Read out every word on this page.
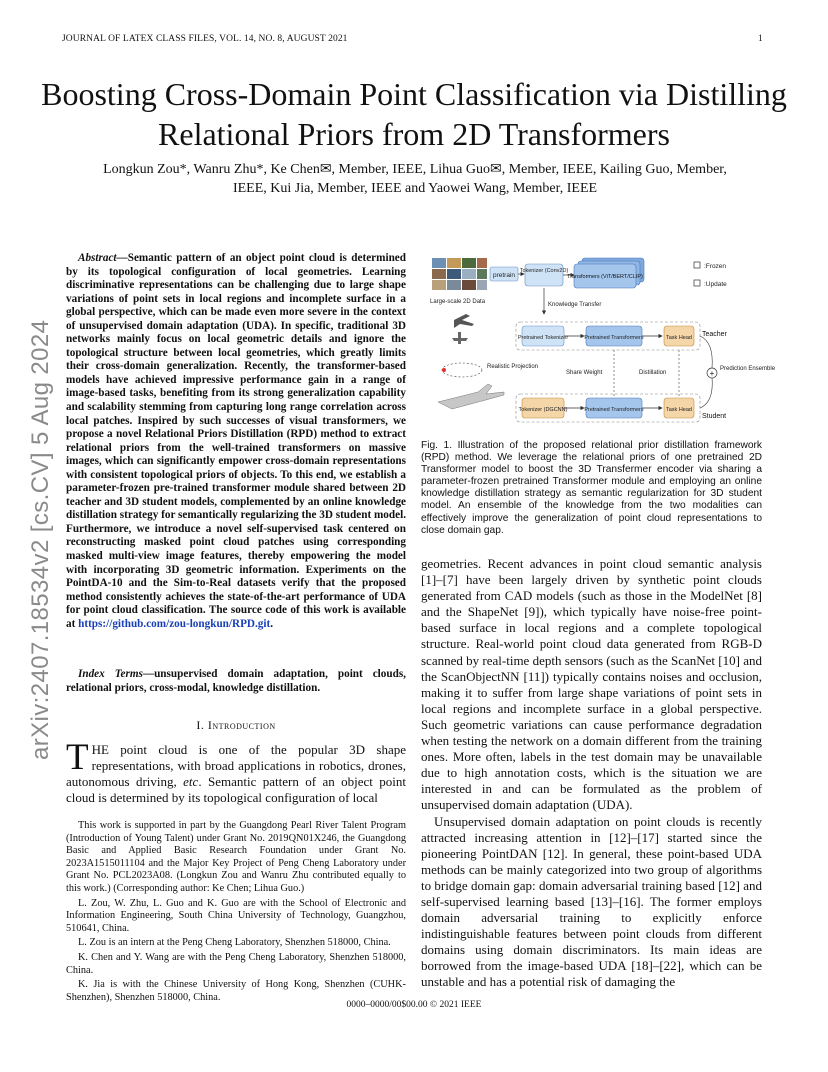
JOURNAL OF LATEX CLASS FILES, VOL. 14, NO. 8, AUGUST 2021	1
arXiv:2407.18534v2 [cs.CV] 5 Aug 2024
Boosting Cross-Domain Point Classification via Distilling Relational Priors from 2D Transformers
Longkun Zou*, Wanru Zhu*, Ke Chen✉, Member, IEEE, Lihua Guo✉, Member, IEEE, Kailing Guo, Member, IEEE, Kui Jia, Member, IEEE and Yaowei Wang, Member, IEEE
Abstract—Semantic pattern of an object point cloud is determined by its topological configuration of local geometries. Learning discriminative representations can be challenging due to large shape variations of point sets in local regions and incomplete surface in a global perspective, which can be made even more severe in the context of unsupervised domain adaptation (UDA). In specific, traditional 3D networks mainly focus on local geometric details and ignore the topological structure between local geometries, which greatly limits their cross-domain generalization. Recently, the transformer-based models have achieved impressive performance gain in a range of image-based tasks, benefiting from its strong generalization capability and scalability stemming from capturing long range correlation across local patches. Inspired by such successes of visual transformers, we propose a novel Relational Priors Distillation (RPD) method to extract relational priors from the well-trained transformers on massive images, which can significantly empower cross-domain representations with consistent topological priors of objects. To this end, we establish a parameter-frozen pre-trained transformer module shared between 2D teacher and 3D student models, complemented by an online knowledge distillation strategy for semantically regularizing the 3D student model. Furthermore, we introduce a novel self-supervised task centered on reconstructing masked point cloud patches using corresponding masked multi-view image features, thereby empowering the model with incorporating 3D geometric information. Experiments on the PointDA-10 and the Sim-to-Real datasets verify that the proposed method consistently achieves the state-of-the-art performance of UDA for point cloud classification. The source code of this work is available at https://github.com/zou-longkun/RPD.git.
Index Terms—unsupervised domain adaptation, point clouds, relational priors, cross-modal, knowledge distillation.
I. Introduction
THE point cloud is one of the popular 3D shape representations, with broad applications in robotics, drones, autonomous driving, etc. Semantic pattern of an object point cloud is determined by its topological configuration of local

This work is supported in part by the Guangdong Pearl River Talent Program (Introduction of Young Talent) under Grant No. 2019QN01X246, the Guangdong Basic and Applied Basic Research Foundation under Grant No. 2023A1515011104 and the Major Key Project of Peng Cheng Laboratory under Grant No. PCL2023A08. (Longkun Zou and Wanru Zhu contributed equally to this work.) (Corresponding author: Ke Chen; Lihua Guo.)

L. Zou, W. Zhu, L. Guo and K. Guo are with the School of Electronic and Information Engineering, South China University of Technology, Guangzhou, 510641, China.

L. Zou is an intern at the Peng Cheng Laboratory, Shenzhen 518000, China.

K. Chen and Y. Wang are with the Peng Cheng Laboratory, Shenzhen 518000, China.

K. Jia is with the Chinese University of Hong Kong, Shenzhen (CUHK-Shenzhen), Shenzhen 518000, China.

Large-scale 2D Data
pretrain
Tokenizer (Conv2D)
Transformers (ViT/BERT/CLIP)
:Frozen
:Update
Knowledge Transfer
Realistic Projection
Pretrained Tokenizer	Pretrained Transformers	Task Head Teacher
Share Weight	Distillation	+ Prediction Ensemble
Tokenizer (DGCNN)	Pretrained Transformers	Task Head
Student
Fig. 1. Illustration of the proposed relational prior distillation framework (RPD) method. We leverage the relational priors of one pretrained 2D Transformer model to boost the 3D Transfermer encoder via sharing a parameter-frozen pretrained Transformer module and employing an online knowledge distillation strategy as semantic regularization for 3D student model. An ensemble of the knowledge from the two modalities can effectively improve the generalization of point cloud representations to close domain gap.

geometries. Recent advances in point cloud semantic analysis [1]–[7] have been largely driven by synthetic point clouds generated from CAD models (such as those in the ModelNet [8] and the ShapeNet [9]), which typically have noise-free point-based surface in local regions and a complete topological structure. Real-world point cloud data generated from RGB-D scanned by real-time depth sensors (such as the ScanNet [10] and the ScanObjectNN [11]) typically contains noises and occlusion, making it to suffer from large shape variations of point sets in local regions and incomplete surface in a global perspective. Such geometric variations can cause performance degradation when testing the network on a domain different from the training ones. More often, labels in the test domain may be unavailable due to high annotation costs, which is the situation we are interested in and can be formulated as the problem of unsupervised domain adaptation (UDA).

Unsupervised domain adaptation on point clouds is recently attracted increasing attention in [12]–[17] started since the pioneering PointDAN [12]. In general, these point-based UDA methods can be mainly categorized into two group of algorithms to bridge domain gap: domain adversarial training based [12] and self-supervised learning based [13]–[16]. The former employs domain adversarial training to explicitly enforce indistinguishable features between point clouds from different domains using domain discriminators. Its main ideas are borrowed from the image-based UDA [18]–[22], which can be unstable and has a potential risk of damaging the

0000–0000/00$00.00 © 2021 IEEE
